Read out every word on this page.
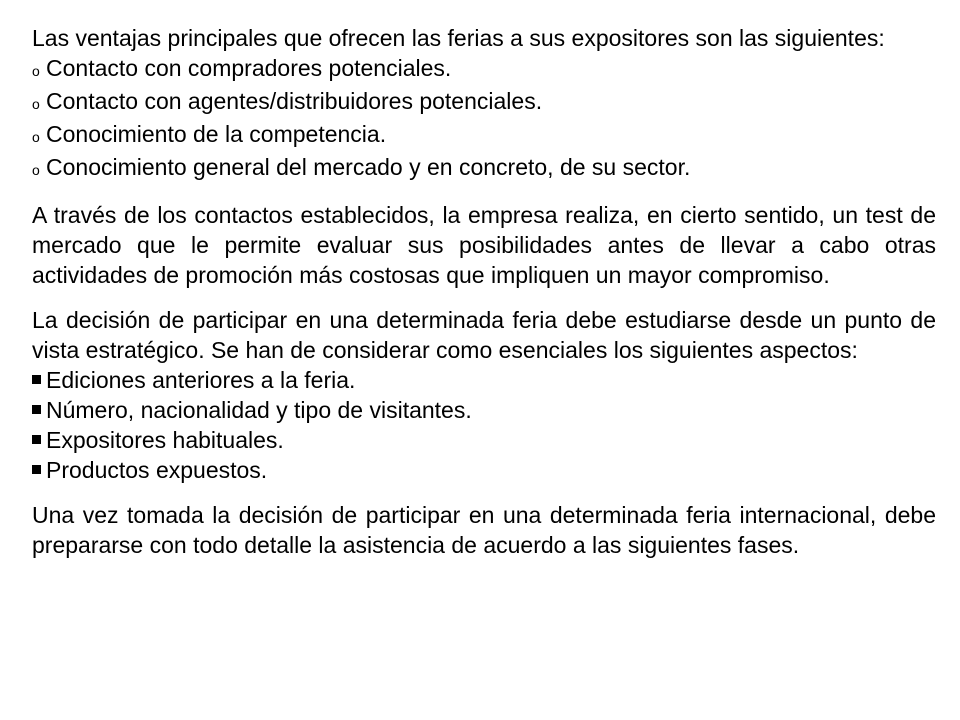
Las ventajas principales que ofrecen las ferias a sus expositores son las siguientes:

o Contacto con compradores potenciales.
o Contacto con agentes/distribuidores potenciales.
o Conocimiento de la competencia.
o Conocimiento general del mercado y en concreto, de su sector.

A través de los contactos establecidos, la empresa realiza, en cierto sentido, un test de mercado que le permite evaluar sus posibilidades antes de llevar a cabo otras actividades de promoción más costosas que impliquen un mayor compromiso.

La decisión de participar en una determinada feria debe estudiarse desde un punto de vista estratégico. Se han de considerar como esenciales los siguientes aspectos:

Ediciones anteriores a la feria.
Número, nacionalidad y tipo de visitantes.
Expositores habituales.
Productos expuestos.

Una vez tomada la decisión de participar en una determinada feria internacional, debe prepararse con todo detalle la asistencia de acuerdo a las siguientes fases.
